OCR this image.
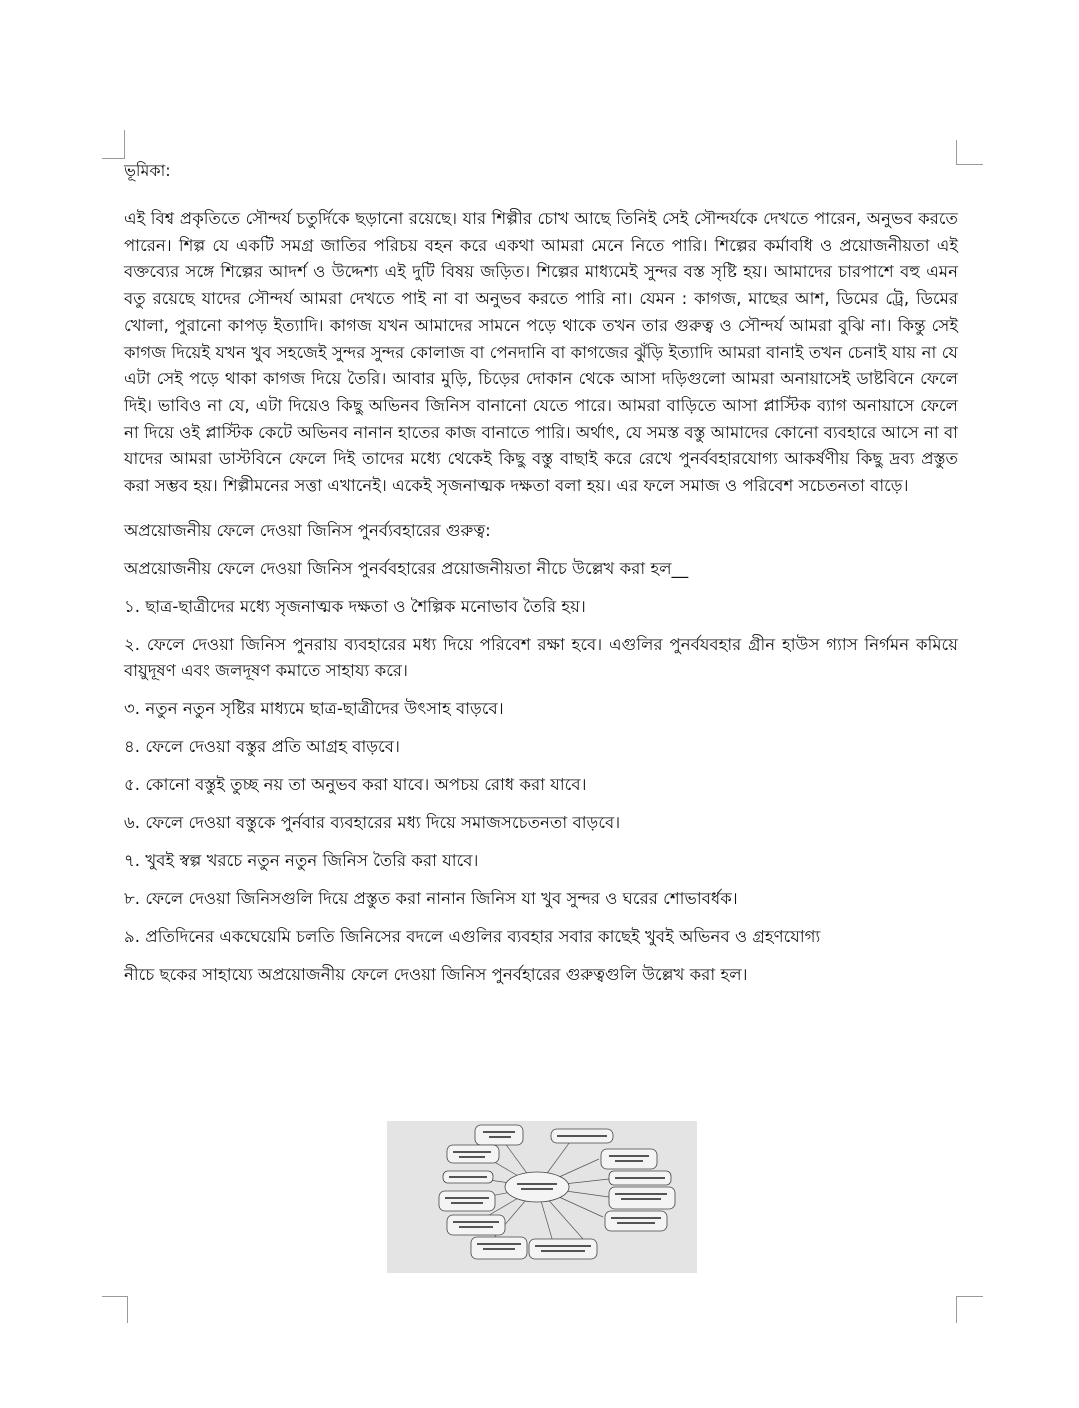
ভূমিকা:

এই বিশ্ব প্রকৃতিতে সৌন্দর্য চতুর্দিকে ছড়ানো রয়েছে। যার শিল্পীর চোখ আছে তিনিই সেই সৌন্দর্যকে দেখতে পারেন, অনুভব করতে পারেন। শিল্প যে একটি সমগ্র জাতির পরিচয় বহন করে একথা আমরা মেনে নিতে পারি। শিল্পের কর্মাবধি ও প্রয়োজনীয়তা এই বক্তব্যের সঙ্গে শিল্পের আদর্শ ও উদ্দেশ্য এই দুটি বিষয় জড়িত। শিল্পের মাধ্যমেই সুন্দর বস্ত সৃষ্টি হয়। আমাদের চারপাশে বহু এমন বতু রয়েছে যাদের সৌন্দর্য আমরা দেখতে পাই না বা অনুভব করতে পারি না। যেমন : কাগজ, মাছের আশ, ডিমের ট্রে, ডিমের খোলা, পুরানো কাপড় ইত্যাদি। কাগজ যখন আমাদের সামনে পড়ে থাকে তখন তার গুরুত্ব ও সৌন্দর্য আমরা বুঝি না। কিন্তু সেই কাগজ দিয়েই যখন খুব সহজেই সুন্দর সুন্দর কোলাজ বা পেনদানি বা কাগজের ঝুঁড়ি ইত্যাদি আমরা বানাই তখন চেনাই যায় না যে এটা সেই পড়ে থাকা কাগজ দিয়ে তৈরি। আবার মুড়ি, চিড়ের দোকান থেকে আসা দড়িগুলো আমরা অনায়াসেই ডাষ্টবিনে ফেলে দিই। ভাবিও না যে, এটা দিয়েও কিছু অভিনব জিনিস বানানো যেতে পারে। আমরা বাড়িতে আসা প্লাস্টিক ব্যাগ অনায়াসে ফেলে না দিয়ে ওই প্লাস্টিক কেটে অভিনব নানান হাতের কাজ বানাতে পারি। অর্থাৎ, যে সমস্ত বস্তু আমাদের কোনো ব্যবহারে আসে না বা যাদের আমরা ডাস্টবিনে ফেলে দিই তাদের মধ্যে থেকেই কিছু বস্তু বাছাই করে রেখে পুনর্ববহারযোগ্য আকর্ষণীয় কিছু দ্রব্য প্রস্তুত করা সম্ভব হয়। শিল্পীমনের সত্তা এখানেই। একেই সৃজনাত্মক দক্ষতা বলা হয়। এর ফলে সমাজ ও পরিবেশ সচেতনতা বাড়ে।

অপ্রয়োজনীয় ফেলে দেওয়া জিনিস পুনর্ব্যবহারের গুরুত্ব:

অপ্রয়োজনীয় ফেলে দেওয়া জিনিস পুনর্ববহারের প্রয়োজনীয়তা নীচে উল্লেখ করা হল__

১. ছাত্র-ছাত্রীদের মধ্যে সৃজনাত্মক দক্ষতা ও শৈল্পিক মনোভাব তৈরি হয়।

২. ফেলে দেওয়া জিনিস পুনরায় ব্যবহারের মধ্য দিয়ে পরিবেশ রক্ষা হবে। এগুলির পুনর্বযবহার গ্রীন হাউস গ্যাস নির্গমন কমিয়ে বায়ুদূষণ এবং জলদূষণ কমাতে সাহায্য করে।

৩. নতুন নতুন সৃষ্টির মাধ্যমে ছাত্র-ছাত্রীদের উৎসাহ বাড়বে।

৪. ফেলে দেওয়া বস্তুর প্রতি আগ্রহ বাড়বে।

৫. কোনো বস্তুই তুচ্ছ নয় তা অনুভব করা যাবে। অপচয় রোধ করা যাবে।

৬. ফেলে দেওয়া বস্তুকে পুর্নবার ব্যবহারের মধ্য দিয়ে সমাজসচেতনতা বাড়বে।

৭. খুবই স্বল্প খরচে নতুন নতুন জিনিস তৈরি করা যাবে।

৮. ফেলে দেওয়া জিনিসগুলি দিয়ে প্রস্তুত করা নানান জিনিস যা খুব সুন্দর ও ঘরের শোভাবর্ধক।

৯. প্রতিদিনের একঘেয়েমি চলতি জিনিসের বদলে এগুলির ব্যবহার সবার কাছেই খুবই অভিনব ও গ্রহণযোগ্য

নীচে ছকের সাহায্যে অপ্রয়োজনীয় ফেলে দেওয়া জিনিস পুনর্বহারের গুরুত্বগুলি উল্লেখ করা হল।
